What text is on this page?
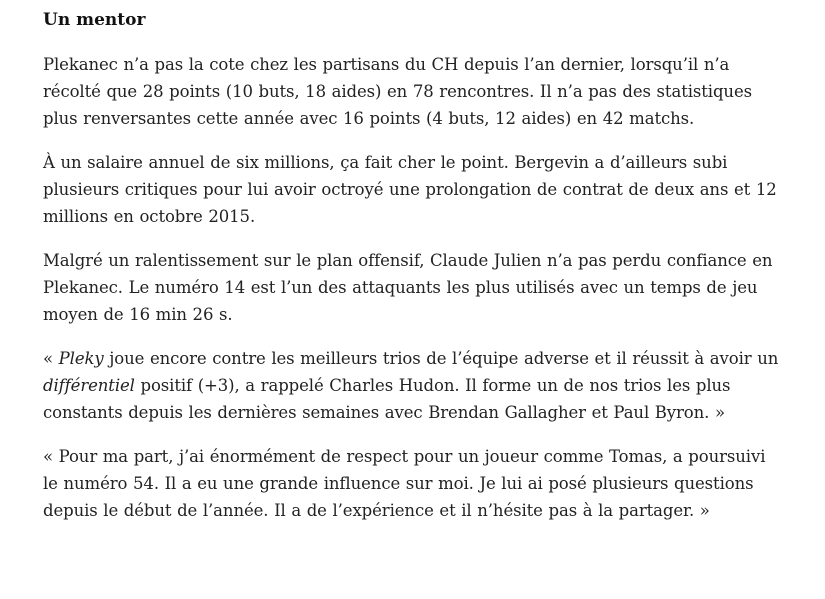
Un mentor

Plekanec n’a pas la cote chez les partisans du CH depuis l’an dernier, lorsqu’il n’a récolté que 28 points (10 buts, 18 aides) en 78 rencontres. Il n’a pas des statistiques plus renversantes cette année avec 16 points (4 buts, 12 aides) en 42 matchs.

À un salaire annuel de six millions, ça fait cher le point. Bergevin a d’ailleurs subi plusieurs critiques pour lui avoir octroyé une prolongation de contrat de deux ans et 12 millions en octobre 2015.

Malgré un ralentissement sur le plan offensif, Claude Julien n’a pas perdu confiance en Plekanec. Le numéro 14 est l’un des attaquants les plus utilisés avec un temps de jeu moyen de 16 min 26 s.

« Pleky joue encore contre les meilleurs trios de l’équipe adverse et il réussit à avoir un différentiel positif (+3), a rappelé Charles Hudon. Il forme un de nos trios les plus constants depuis les dernières semaines avec Brendan Gallagher et Paul Byron. »

« Pour ma part, j’ai énormément de respect pour un joueur comme Tomas, a poursuivi le numéro 54. Il a eu une grande influence sur moi. Je lui ai posé plusieurs questions depuis le début de l’année. Il a de l’expérience et il n’hésite pas à la partager. »
